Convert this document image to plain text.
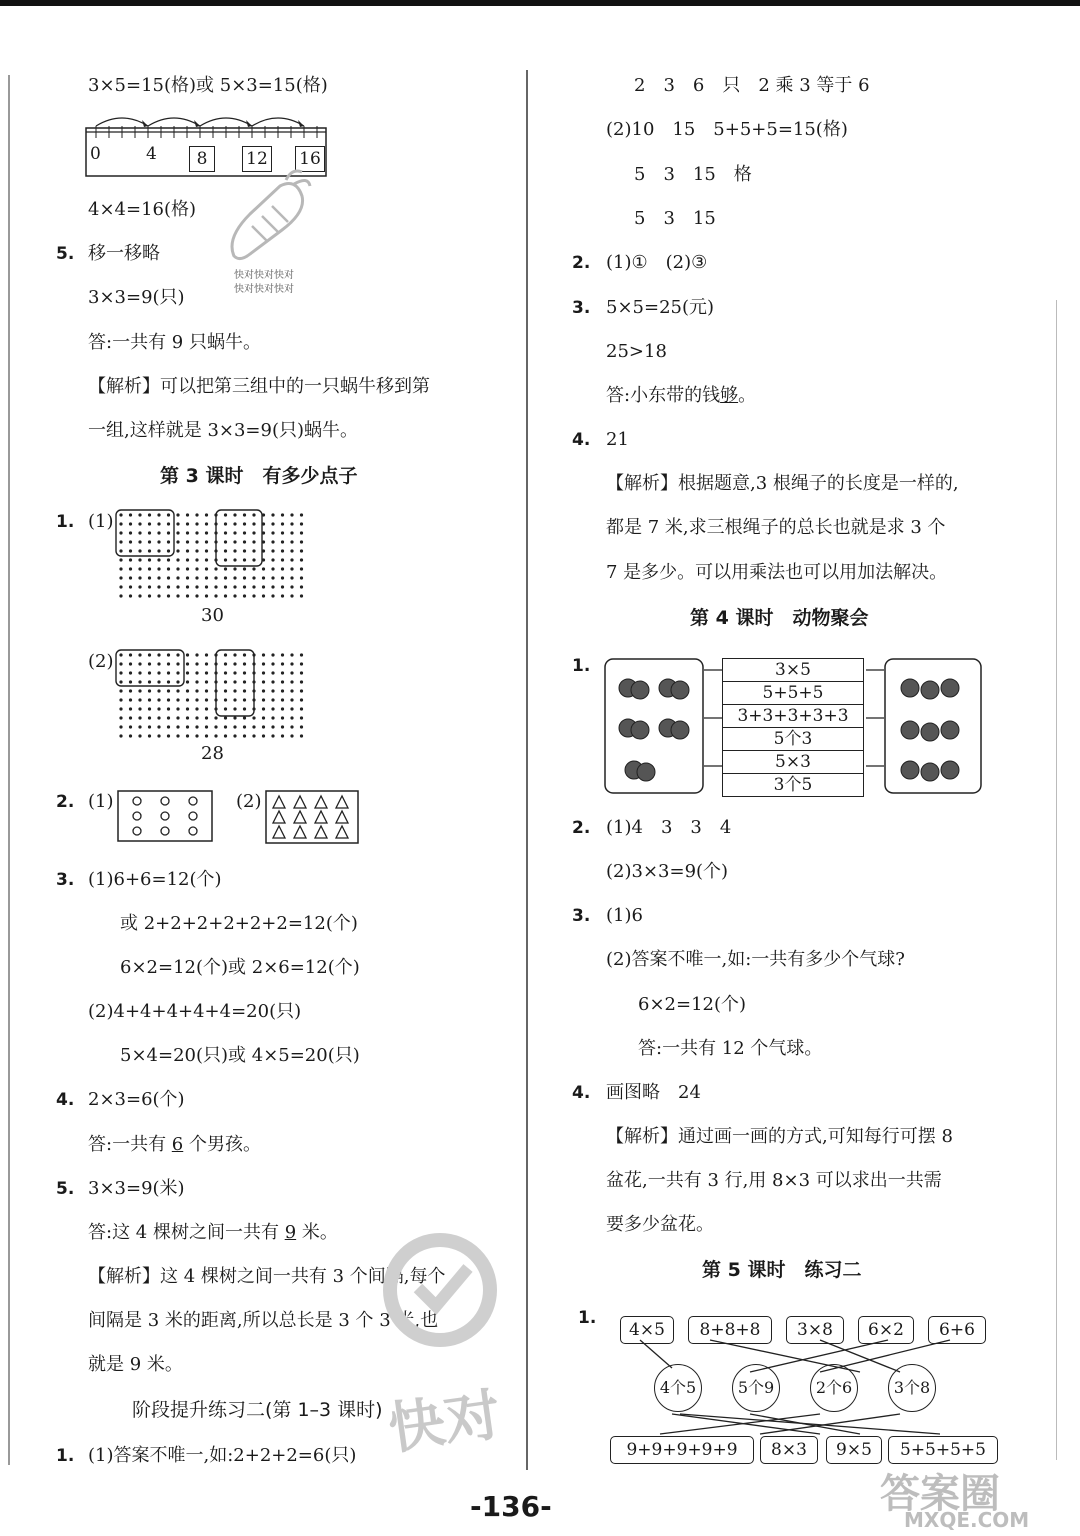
3×5=15(格)或 5×3=15(格)
0	4	8	12 16
4×4=16(格)
快对快对快对
快对快对快对
5. 移一移略
3×3=9(只)
答:一共有 9 只蜗牛。
【解析】可以把第三组中的一只蜗牛移到第
一组,这样就是 3×3=9(只)蜗牛。
第 3 课时　有多少点子
1. (1)
30
(2)
28
2. (1)	(2)
3. (1)6+6=12(个)
或 2+2+2+2+2+2=12(个)
6×2=12(个)或 2×6=12(个)
(2)4+4+4+4+4=20(只)
5×4=20(只)或 4×5=20(只)
4. 2×3=6(个)
答:一共有 6 个男孩。
5. 3×3=9(米)
答:这 4 棵树之间一共有 9 米。
【解析】这 4 棵树之间一共有 3 个间隔,每个
间隔是 3 米的距离,所以总长是 3 个 3 米,也
就是 9 米。
快对
阶段提升练习二(第 1–3 课时)
1. (1)答案不唯一,如:2+2+2=6(只)
2　3　6　只　2 乘 3 等于 6
(2)10　15　5+5+5=15(格)
5　3　15　格
5　3　15
2. (1)①　(2)③
3. 5×5=25(元)
25>18
答:小东带的钱够。
4. 21
【解析】根据题意,3 根绳子的长度是一样的,
都是 7 米,求三根绳子的总长也就是求 3 个
7 是多少。可以用乘法也可以用加法解决。
第 4 课时　动物聚会
1.	3×5
5+5+5
3+3+3+3+3
5个3
5×3
3个5
2. (1)4　3　3　4
(2)3×3=9(个)
3. (1)6
(2)答案不唯一,如:一共有多少个气球?
6×2=12(个)
答:一共有 12 个气球。
4. 画图略　24
【解析】通过画一画的方式,可知每行可摆 8
盆花,一共有 3 行,用 8×3 可以求出一共需
要多少盆花。
第 5 课时　练习二
1.
4×5	8+8+8	3×8	6×2	6+6
4个5	5个9	2个6	3个8
9+9+9+9+9	8×3	9×5	5+5+5+5
答案圈
MXQE.COM
-136-
